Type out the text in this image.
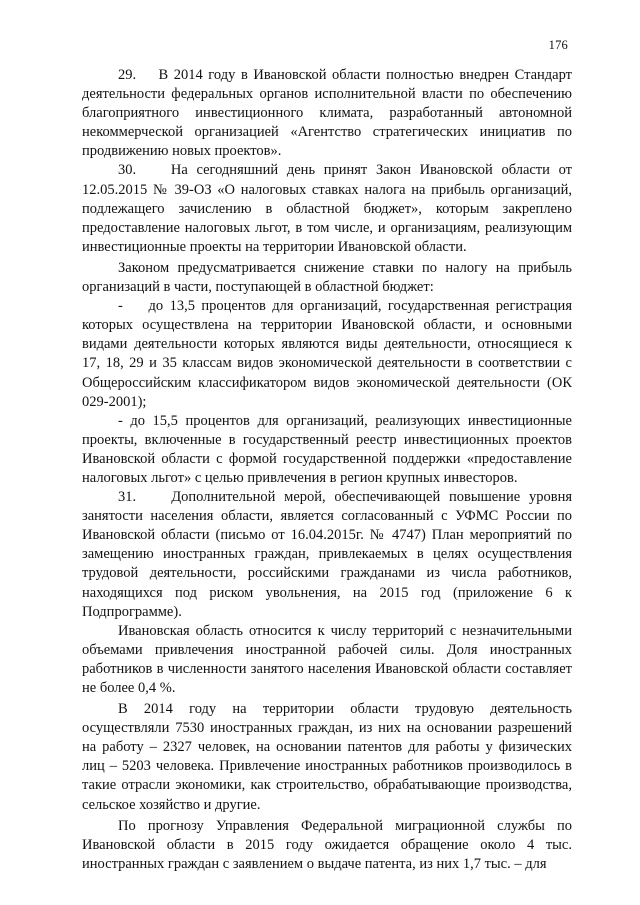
176

29.    В 2014 году в Ивановской области полностью внедрен Стандарт деятельности федеральных органов исполнительной власти по обеспечению благоприятного инвестиционного климата, разработанный автономной некоммерческой организацией «Агентство стратегических инициатив по продвижению новых проектов».

30.    На сегодняшний день принят Закон Ивановской области от 12.05.2015 № 39-ОЗ «О налоговых ставках налога на прибыль организаций, подлежащего зачислению в областной бюджет», которым закреплено предоставление налоговых льгот, в том числе, и организациям, реализующим инвестиционные проекты на территории Ивановской области.

Законом предусматривается снижение ставки по налогу на прибыль организаций в части, поступающей в областной бюджет:

-    до 13,5 процентов для организаций, государственная регистрация которых осуществлена на территории Ивановской области, и основными видами деятельности которых являются виды деятельности, относящиеся к 17, 18, 29 и 35 классам видов экономической деятельности в соответствии с Общероссийским классификатором видов экономической деятельности (ОК 029-2001);

- до 15,5 процентов для организаций, реализующих инвестиционные проекты, включенные в государственный реестр инвестиционных проектов Ивановской области с формой государственной поддержки «предоставление налоговых льгот» с целью привлечения в регион крупных инвесторов.

31.    Дополнительной мерой, обеспечивающей повышение уровня занятости населения области, является согласованный с УФМС России по Ивановской области (письмо от 16.04.2015г. № 4747) План мероприятий по замещению иностранных граждан, привлекаемых в целях осуществления трудовой деятельности, российскими гражданами из числа работников, находящихся под риском увольнения, на 2015 год (приложение 6 к Подпрограмме).

Ивановская область относится к числу территорий с незначительными объемами привлечения иностранной рабочей силы. Доля иностранных работников в численности занятого населения Ивановской области составляет не более 0,4 %.

В 2014 году на территории области трудовую деятельность осуществляли 7530 иностранных граждан, из них на основании разрешений на работу – 2327 человек, на основании патентов для работы у физических лиц – 5203 человека. Привлечение иностранных работников производилось в такие отрасли экономики, как строительство, обрабатывающие производства, сельское хозяйство и другие.

По прогнозу Управления Федеральной миграционной службы по Ивановской области в 2015 году ожидается обращение около 4 тыс. иностранных граждан с заявлением о выдаче патента, из них 1,7 тыс. – для
